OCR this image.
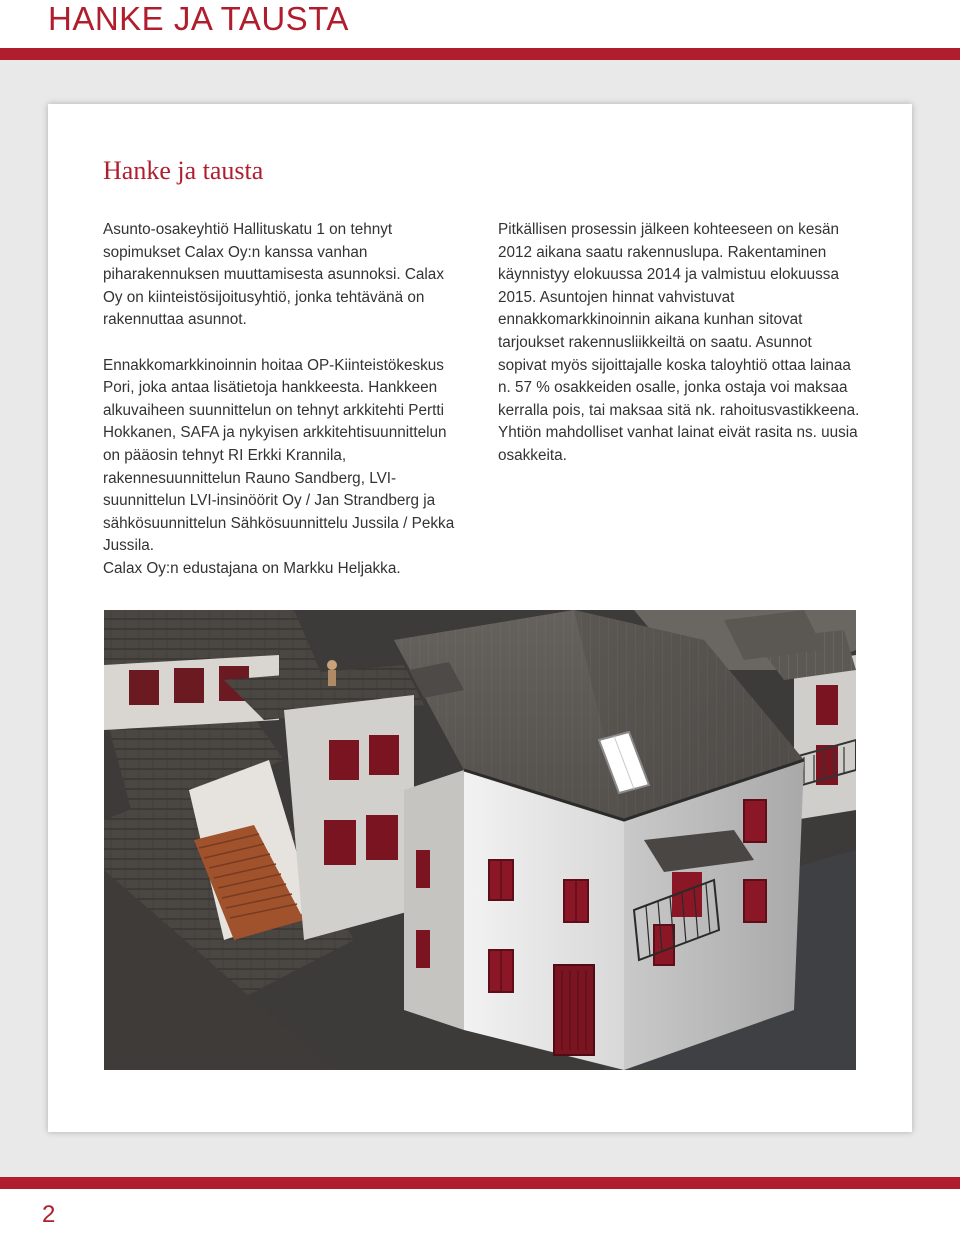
HANKE JA TAUSTA
Hanke ja tausta

Asunto-osakeyhtiö Hallituskatu 1 on tehnyt sopimukset Calax Oy:n kanssa vanhan piharakennuksen muuttamisesta asunnoksi. Calax Oy on kiinteistösijoitusyhtiö, jonka tehtävänä on rakennuttaa asunnot.

Ennakkomarkkinoinnin hoitaa OP-Kiinteistökeskus Pori, joka antaa lisätietoja hankkeesta. Hankkeen alkuvaiheen suunnittelun on tehnyt arkkitehti Pertti Hokkanen, SAFA ja nykyisen arkkitehtisuunnittelun on pääosin tehnyt RI Erkki Krannila, rakennesuunnittelun Rauno Sandberg, LVI-suunnittelun LVI-insinöörit Oy / Jan Strandberg ja sähkösuunnittelun Sähkösuunnittelu Jussila / Pekka Jussila.

Calax Oy:n edustajana on Markku Heljakka.

Pitkällisen prosessin jälkeen kohteeseen on kesän 2012 aikana saatu rakennuslupa. Rakentaminen käynnistyy elokuussa 2014 ja valmistuu elokuussa 2015. Asuntojen hinnat vahvistuvat ennakkomarkkinoinnin aikana kunhan sitovat tarjoukset rakennusliikkeiltä on saatu. Asunnot sopivat myös sijoittajalle koska taloyhtiö ottaa lainaa n. 57 % osakkeiden osalle, jonka ostaja voi maksaa kerralla pois, tai maksaa sitä nk. rahoitusvastikkeena. Yhtiön mahdolliset vanhat lainat eivät rasita ns. uusia osakkeita.

2
